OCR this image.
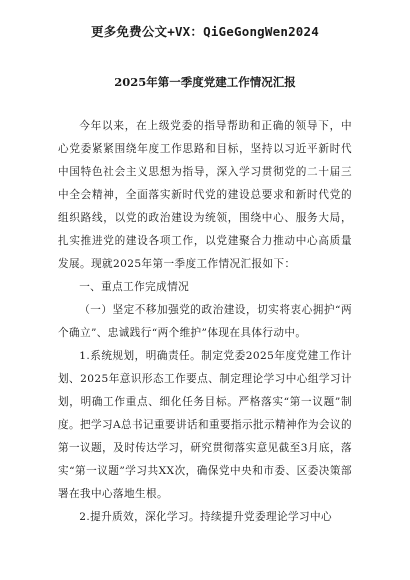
更多免费公文+VX：QiGeGongWen2024
2025年第一季度党建工作情况汇报

今年以来，在上级党委的指导帮助和正确的领导下，中心党委紧紧围绕年度工作思路和目标，坚持以习近平新时代中国特色社会主义思想为指导，深入学习贯彻党的二十届三中全会精神，全面落实新时代党的建设总要求和新时代党的组织路线，以党的政治建设为统领，围绕中心、服务大局，扎实推进党的建设各项工作，以党建聚合力推动中心高质量发展。现就2025年第一季度工作情况汇报如下：

一、重点工作完成情况

（一）坚定不移加强党的政治建设，切实将衷心拥护“两个确立”、忠诚践行“两个维护”体现在具体行动中。

1.系统规划，明确责任。制定党委2025年度党建工作计划、2025年意识形态工作要点、制定理论学习中心组学习计划，明确工作重点、细化任务目标。严格落实“第一议题”制度。把学习A总书记重要讲话和重要指示批示精神作为会议的第一议题，及时传达学习，研究贯彻落实意见截至3月底，落实“第一议题”学习共XX次，确保党中央和市委、区委决策部署在我中心落地生根。

2.提升质效，深化学习。持续提升党委理论学习中心
